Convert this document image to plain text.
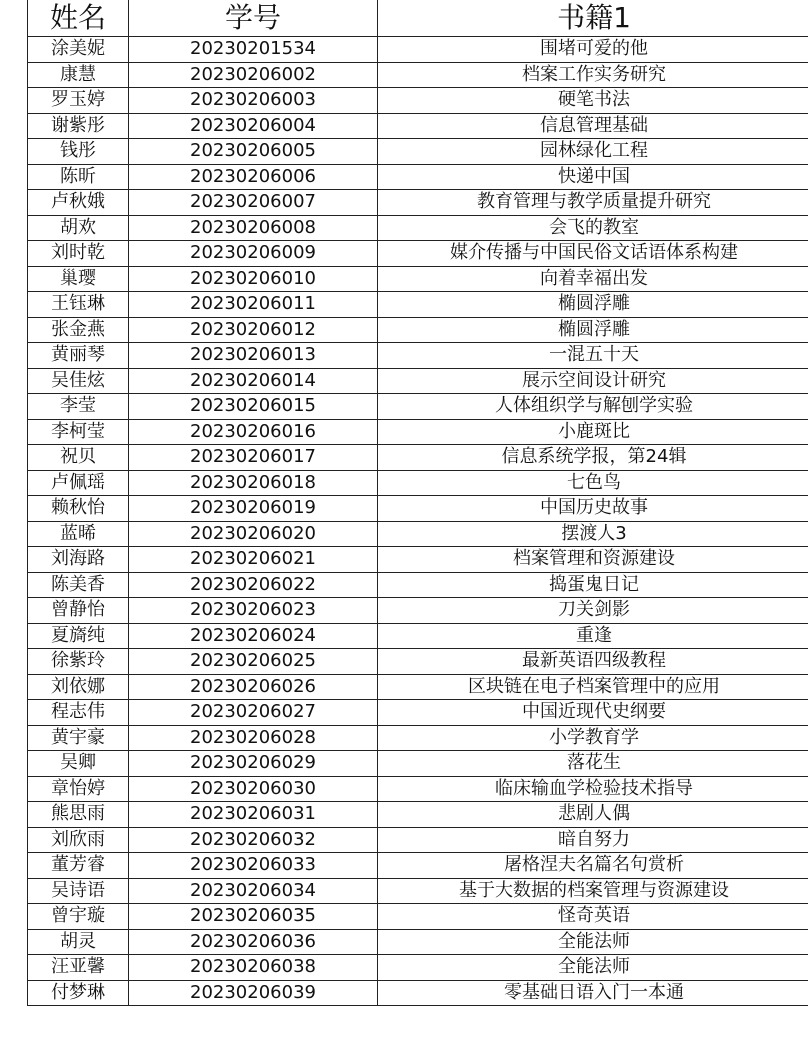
姓名	学号	书籍1
涂美妮	20230201534	围堵可爱的他
康慧	20230206002	档案工作实务研究
罗玉婷	20230206003	硬笔书法
谢紫彤	20230206004	信息管理基础
钱彤	20230206005	园林绿化工程
陈昕	20230206006	快递中国
卢秋娥	20230206007	教育管理与教学质量提升研究
胡欢	20230206008	会飞的教室
刘时乾	20230206009	媒介传播与中国民俗文话语体系构建
巢璎	20230206010	向着幸福出发
王钰琳	20230206011	椭圆浮雕
张金燕	20230206012	椭圆浮雕
黄丽琴	20230206013	一混五十天
吴佳炫	20230206014	展示空间设计研究
李莹	20230206015	人体组织学与解刨学实验
李柯莹	20230206016	小鹿斑比
祝贝	20230206017	信息系统学报，第24辑
卢佩瑶	20230206018	七色鸟
赖秋怡	20230206019	中国历史故事
蓝晞	20230206020	摆渡人3
刘海路	20230206021	档案管理和资源建设
陈美香	20230206022	捣蛋鬼日记
曾静怡	20230206023	刀关剑影
夏旖纯	20230206024	重逢
徐紫玲	20230206025	最新英语四级教程
刘依娜	20230206026	区块链在电子档案管理中的应用
程志伟	20230206027	中国近现代史纲要
黄宇豪	20230206028	小学教育学
吴卿	20230206029	落花生
章怡婷	20230206030	临床输血学检验技术指导
熊思雨	20230206031	悲剧人偶
刘欣雨	20230206032	暗自努力
董芳睿	20230206033	屠格涅夫名篇名句赏析
吴诗语	20230206034	基于大数据的档案管理与资源建设
曾宇璇	20230206035	怪奇英语
胡灵	20230206036	全能法师
汪亚馨	20230206038	全能法师
付梦琳	20230206039	零基础日语入门一本通
